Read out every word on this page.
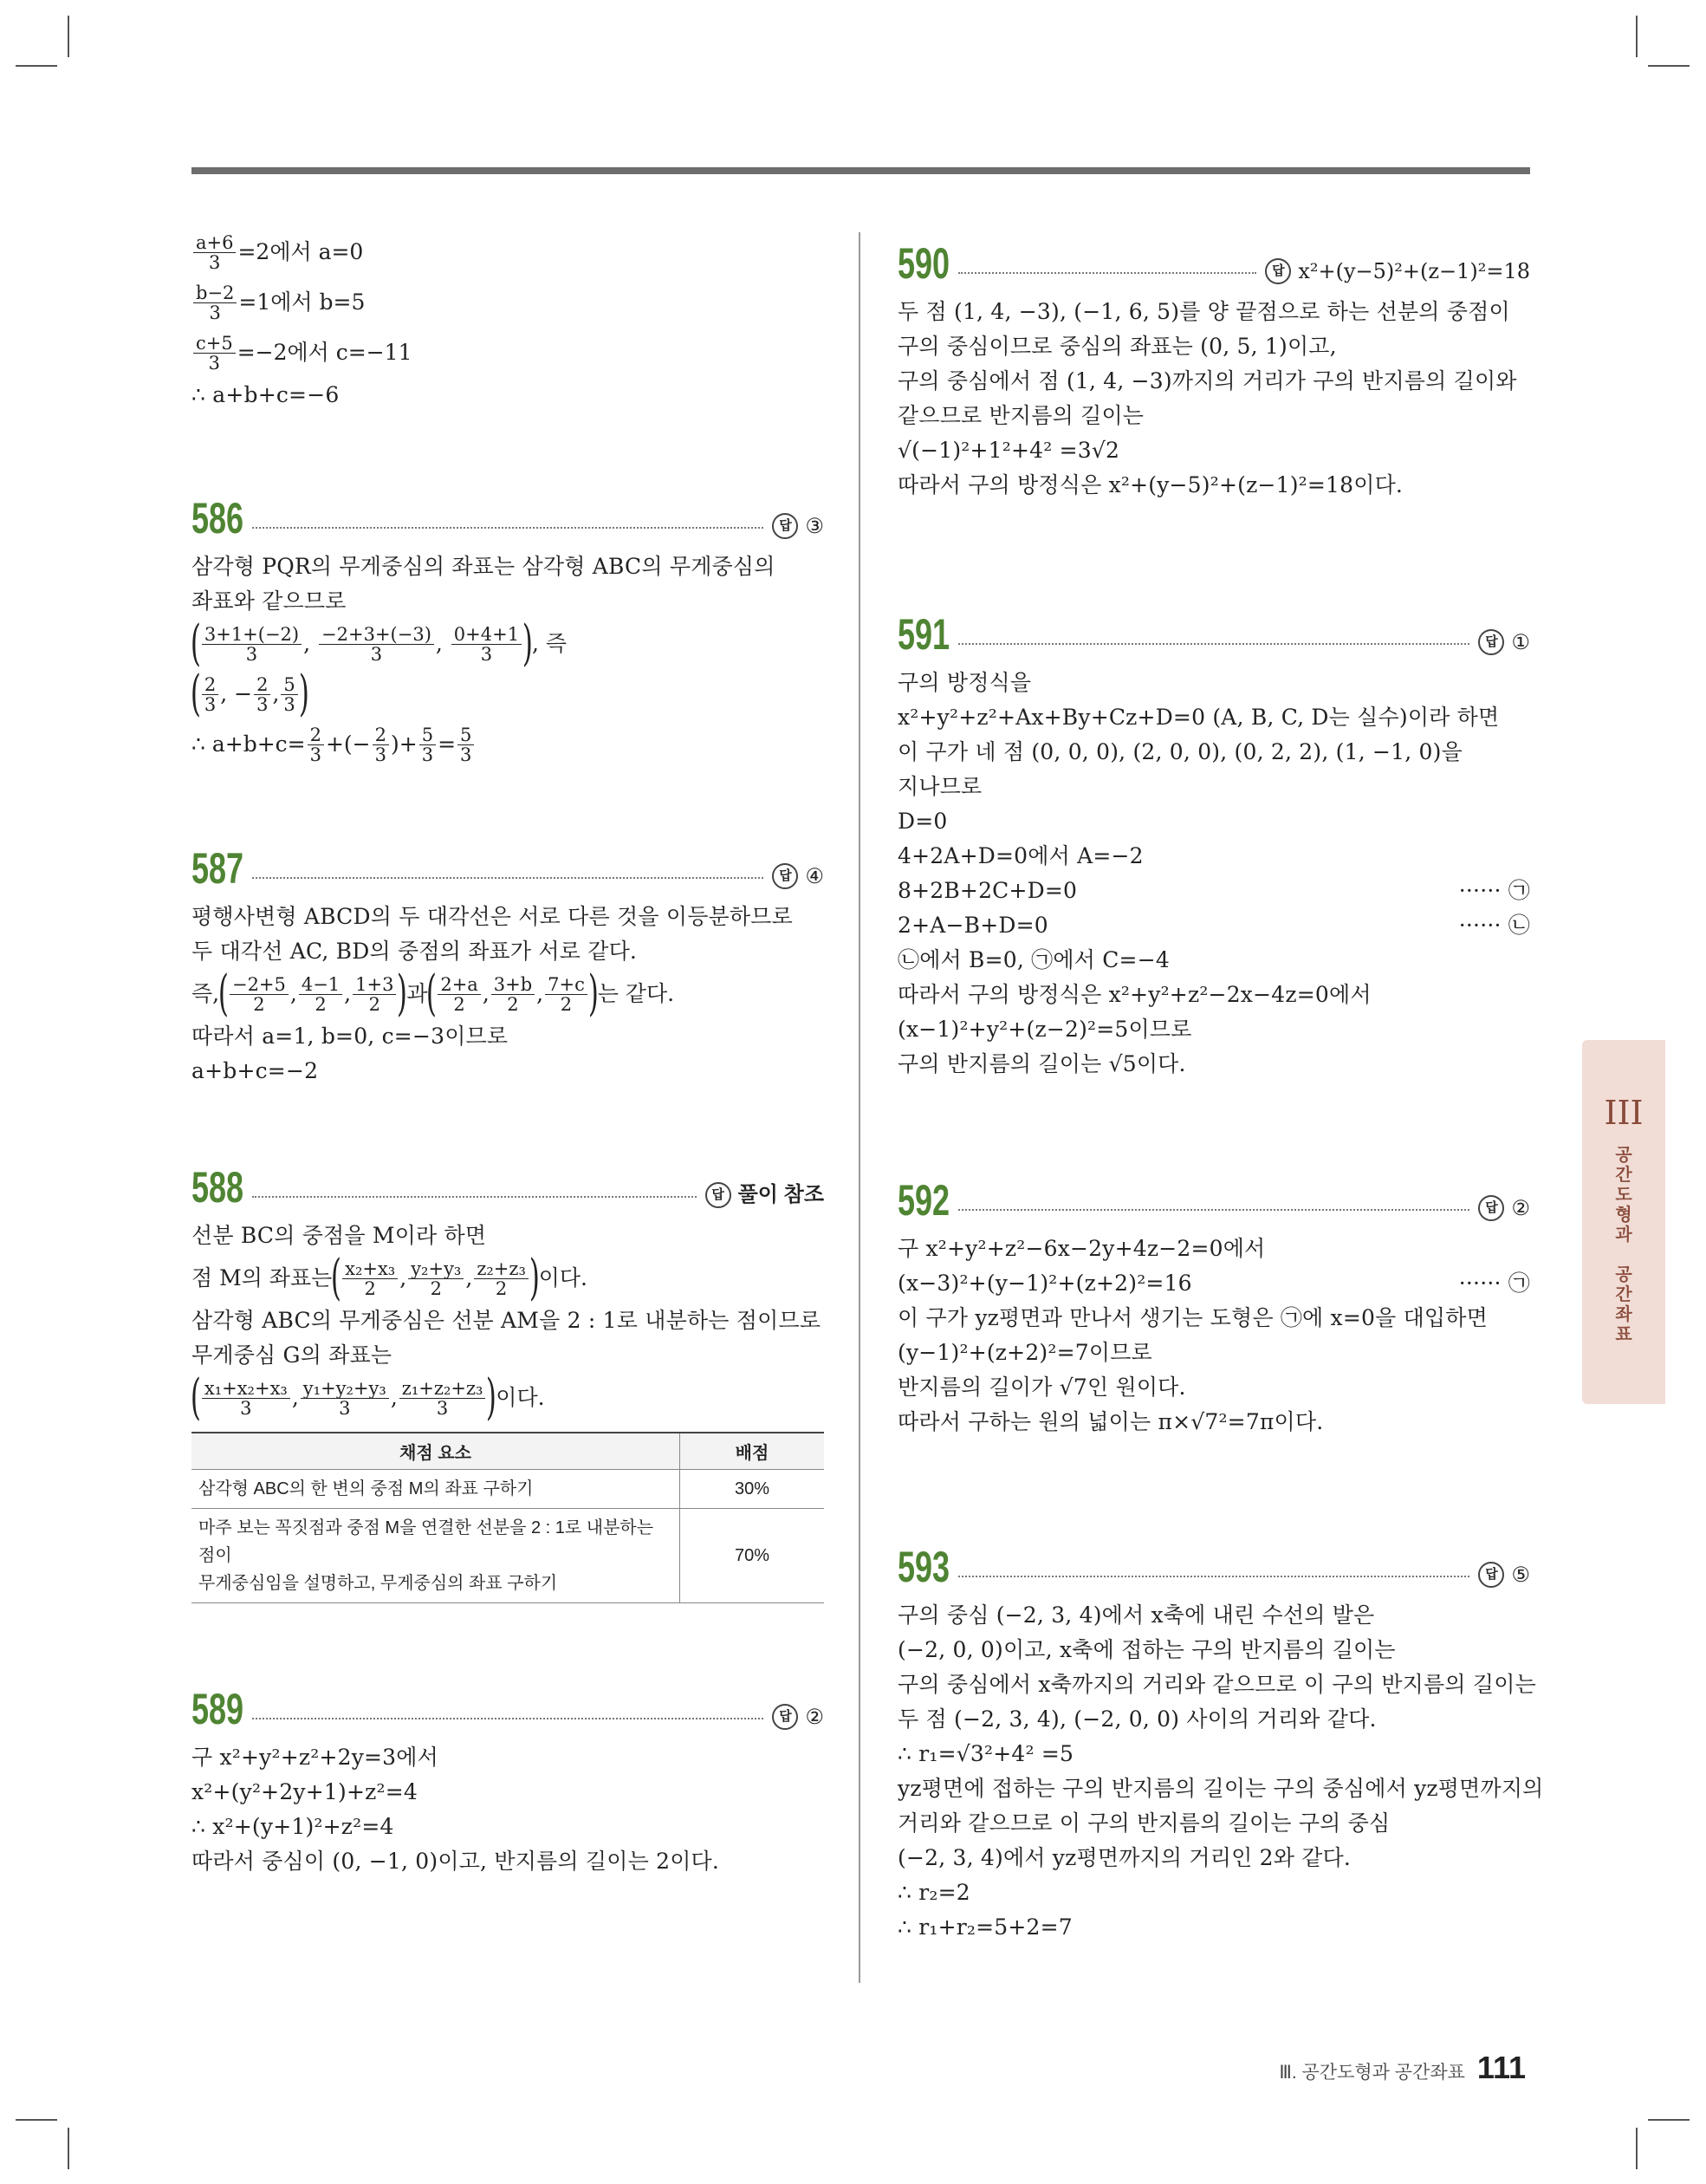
$\frac{a+6}{3} =2$에서 a=0
$\frac{b-2}{3} =1$에서 b=5
$\frac{c+5}{3} =-2$에서 c=−11
∴ a+b+c=−6
586	답 ③
삼각형 PQR의 무게중심의 좌표는 삼각형 ABC의 무게중심의
좌표와 같으므로
( $\frac{3+1+(-2)}{3}$ , $\frac{-2+3+(-3)}{3}$ , $\frac{0+4+1}{3}$ )
, 즉
( $\frac{2}{3}$ , − $\frac{2}{3}$ , $\frac{5}{3}$ )
∴ $a+b+c= \frac{2}{3}$ +(− $\frac{2}{3}$ )+ $\frac{5}{3} = \frac{5}{3}$
587	답 ④
평행사변형 ABCD의 두 대각선은 서로 다른 것을 이등분하므로
두 대각선 AC, BD의 중점의 좌표가 서로 같다.
즉,
( $\frac{-2+5}{2}$ , $\frac{4-1}{2}$ , $\frac{1+3}{2}$ )
과
( $\frac{2+a}{2}$ , $\frac{3+b}{2}$ , $\frac{7+c}{2}$ )
는 같다.
따라서 a=1, b=0, c=−3이므로
a+b+c=−2
588	답 풀이 참조
선분 BC의 중점을 M이라 하면
점 M의 좌표는
( $\frac{\text{x₂+x₃}}{2}$ , $\frac{\text{y₂+y₃}}{2}$ , $\frac{\text{z₂+z₃}}{2}$ )
이다.
삼각형 ABC의 무게중심은 선분 AM을 2 : 1로 내분하는 점이므로
무게중심 G의 좌표는
( $\frac{\text{x₁+x₂+x₃}}{3}$ , $\frac{\text{y₁+y₂+y₃}}{3}$ , $\frac{\text{z₁+z₂+z₃}}{3}$ )
이다.
채점 요소	배점
삼각형 ABC의 한 변의 중점 M의 좌표 구하기	30%

마주 보는 꼭짓점과 중점 M을 연결한 선분을 2 : 1로 내분하는 점이
무게중심임을 설명하고, 무게중심의 좌표 구하기	70%
589	답 ②
구 x²+y²+z²+2y=3에서
x²+(y²+2y+1)+z²=4
∴ x²+(y+1)²+z²=4
따라서 중심이 (0, −1, 0)이고, 반지름의 길이는 2이다.
590	답 x²+(y−5)²+(z−1)²=18
두 점 (1, 4, −3), (−1, 6, 5)를 양 끝점으로 하는 선분의 중점이
구의 중심이므로 중심의 좌표는 (0, 5, 1)이고,
구의 중심에서 점 (1, 4, −3)까지의 거리가 구의 반지름의 길이와
같으므로 반지름의 길이는
√(−1)²+1²+4² =3√2
따라서 구의 방정식은 x²+(y−5)²+(z−1)²=18이다.
591	답 ①
구의 방정식을
x²+y²+z²+Ax+By+Cz+D=0 (A, B, C, D는 실수)이라 하면
이 구가 네 점 (0, 0, 0), (2, 0, 0), (0, 2, 2), (1, −1, 0)을
지나므로
D=0
4+2A+D=0에서 A=−2
8+2B+2C+D=0	······ ㉠
2+A−B+D=0	······ ㉡
㉡에서 B=0, ㉠에서 C=−4
따라서 구의 방정식은 x²+y²+z²−2x−4z=0에서
(x−1)²+y²+(z−2)²=5이므로
구의 반지름의 길이는 √5이다.
592	답 ②
구 x²+y²+z²−6x−2y+4z−2=0에서
(x−3)²+(y−1)²+(z+2)²=16	······ ㉠
이 구가 yz평면과 만나서 생기는 도형은 ㉠에 x=0을 대입하면
(y−1)²+(z+2)²=7이므로
반지름의 길이가 √7인 원이다.
따라서 구하는 원의 넓이는 π×√7²=7π이다.
593	답 ⑤
구의 중심 (−2, 3, 4)에서 x축에 내린 수선의 발은
(−2, 0, 0)이고, x축에 접하는 구의 반지름의 길이는
구의 중심에서 x축까지의 거리와 같으므로 이 구의 반지름의 길이는
두 점 (−2, 3, 4), (−2, 0, 0) 사이의 거리와 같다.
∴ r₁=√3²+4² =5
yz평면에 접하는 구의 반지름의 길이는 구의 중심에서 yz평면까지의
거리와 같으므로 이 구의 반지름의 길이는 구의 중심
(−2, 3, 4)에서 yz평면까지의 거리인 2와 같다.
∴ r₂=2
∴ r₁+r₂=5+2=7
III
공
간
도
형
과

공
간
좌
표
Ⅲ. 공간도형과 공간좌표 111
